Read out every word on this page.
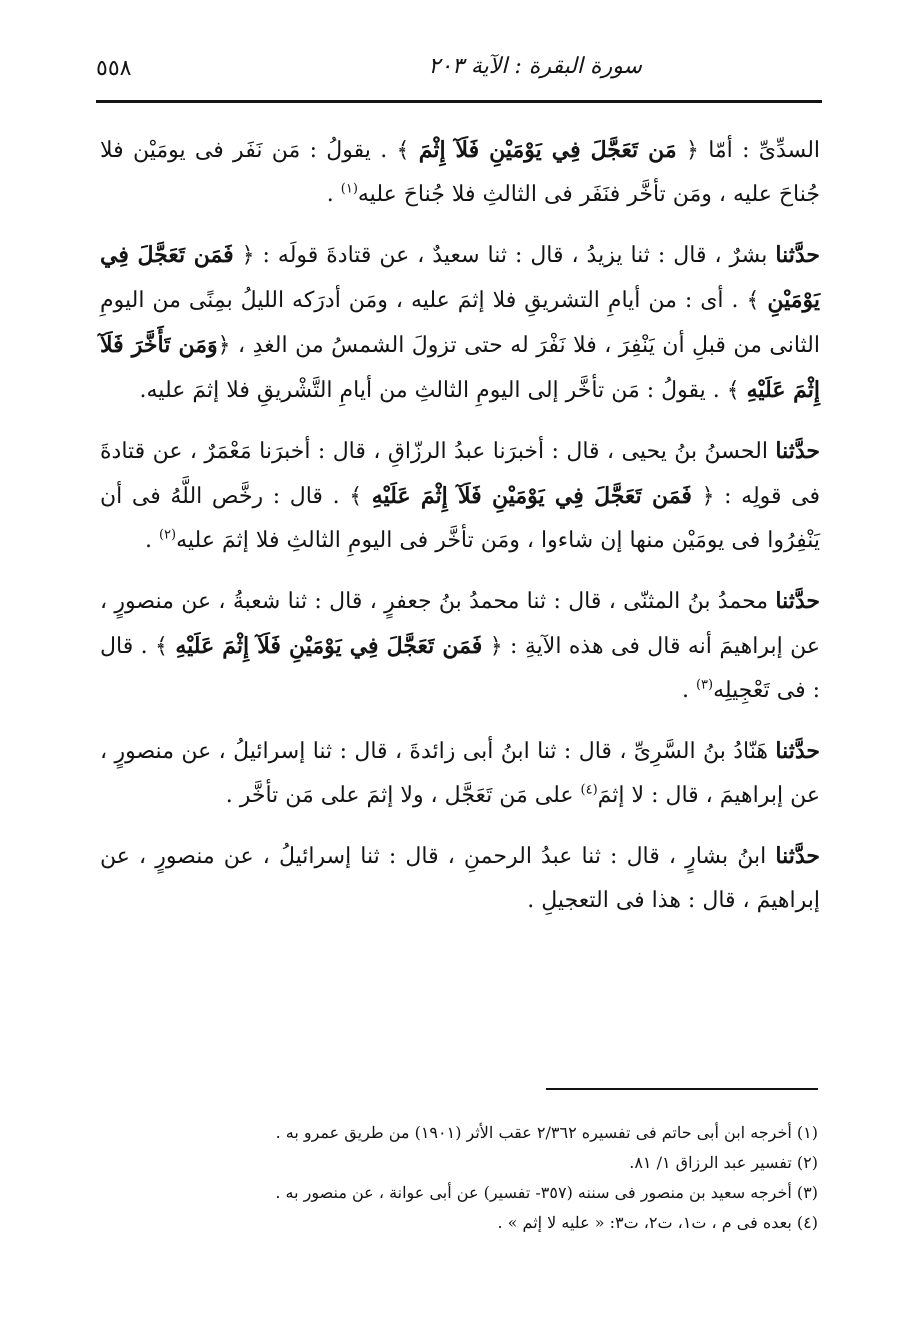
٥٥٨	سورة البقرة : الآية ٢٠٣

السدِّىِّ : أمّا ﴿ مَن تَعَجَّلَ فِي يَوْمَيْنِ فَلَآ إِثْمَ ﴾ . يقولُ : مَن نَفَر فى يومَيْن فلا جُناحَ عليه ، ومَن تأخَّر فنَفَر فى الثالثِ فلا جُناحَ عليه$^{(١)}$ .

حدَّثنا بشرٌ ، قال : ثنا يزيدُ ، قال : ثنا سعيدٌ ، عن قتادةَ قولَه : ﴿ فَمَن تَعَجَّلَ فِي يَوْمَيْنِ ﴾ . أى : من أيامِ التشريقِ فلا إثمَ عليه ، ومَن أدرَكه الليلُ بمِنًى من اليومِ الثانى من قبلِ أن يَنْفِرَ ، فلا نَفْرَ له حتى تزولَ الشمسُ من الغدِ ، ﴿وَمَن تَأَخَّرَ فَلَآ إِثْمَ عَلَيْهِ ﴾ . يقولُ : مَن تأخَّر إلى اليومِ الثالثِ من أيامِ التَّشْريقِ فلا إثمَ عليه.

حدَّثنا الحسنُ بنُ يحيى ، قال : أخبرَنا عبدُ الرزّاقِ ، قال : أخبرَنا مَعْمَرٌ ، عن قتادةَ فى قولِه : ﴿ فَمَن تَعَجَّلَ فِي يَوْمَيْنِ فَلَآ إِثْمَ عَلَيْهِ ﴾ . قال : رخَّص اللَّهُ فى أن يَنْفِرُوا فى يومَيْن منها إن شاءوا ، ومَن تأخَّر فى اليومِ الثالثِ فلا إثمَ عليه$^{(٢)}$ .

حدَّثنا محمدُ بنُ المثنّى ، قال : ثنا محمدُ بنُ جعفرٍ ، قال : ثنا شعبةُ ، عن منصورٍ ، عن إبراهيمَ أنه قال فى هذه الآيةِ : ﴿ فَمَن تَعَجَّلَ فِي يَوْمَيْنِ فَلَآ إِثْمَ عَلَيْهِ ﴾ . قال : فى تَعْجِيلِه$^{(٣)}$ .

حدَّثنا هَنّادُ بنُ السَّرِىِّ ، قال : ثنا ابنُ أبى زائدةَ ، قال : ثنا إسرائيلُ ، عن منصورٍ ، عن إبراهيمَ ، قال : لا إثمَ$^{(٤)}$ على مَن تَعَجَّل ، ولا إثمَ على مَن تأخَّر .

حدَّثنا ابنُ بشارٍ ، قال : ثنا عبدُ الرحمنِ ، قال : ثنا إسرائيلُ ، عن منصورٍ ، عن إبراهيمَ ، قال : هذا فى التعجيلِ .

(١) أخرجه ابن أبى حاتم فى تفسيره ٢/٣٦٢ عقب الأثر (١٩٠١) من طريق عمرو به .

(٢) تفسير عبد الرزاق ١/ ٨١.

(٣) أخرجه سعيد بن منصور فى سننه (٣٥٧- تفسير) عن أبى عوانة ، عن منصور به .

(٤) بعده فى م ، ت١، ت٢، ت٣: « عليه لا إثم » .
